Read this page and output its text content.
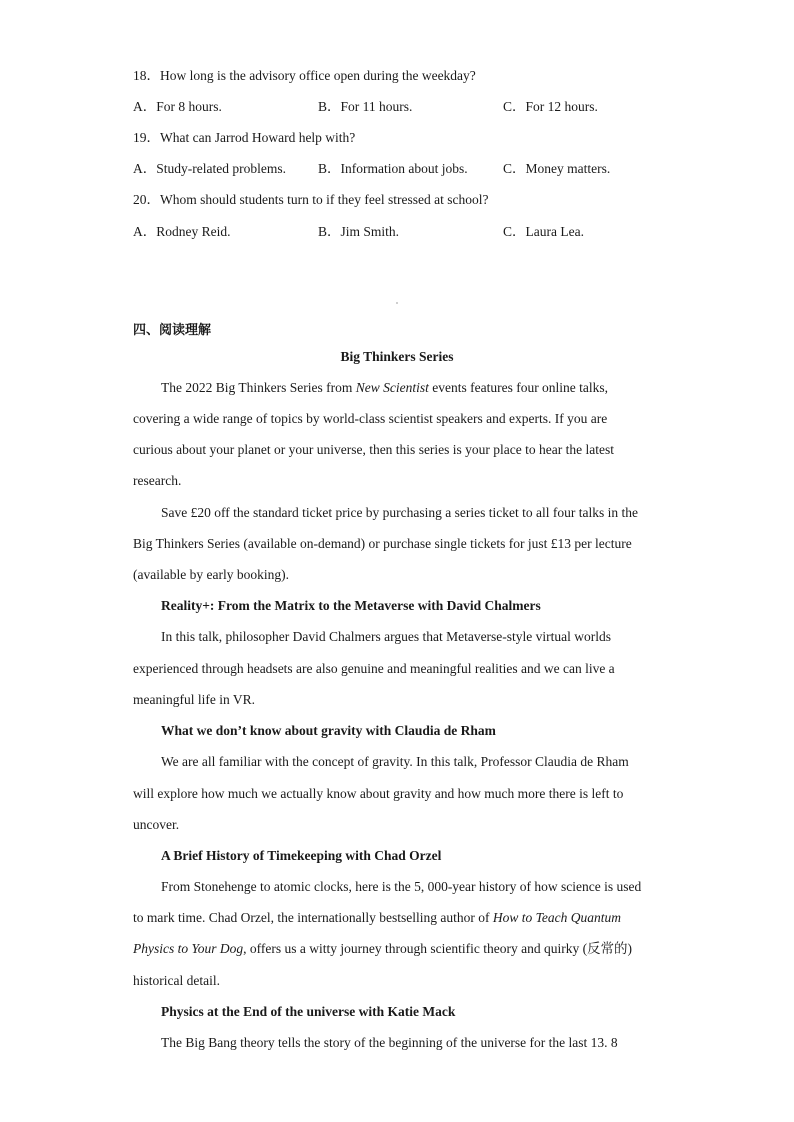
18．How long is the advisory office open during the weekday?
A．For 8 hours.	B．For 11 hours.	C．For 12 hours.
19．What can Jarrod Howard help with?
A．Study-related problems. B．Information about jobs.	C．Money matters.
20．Whom should students turn to if they feel stressed at school?
A．Rodney Reid.	B．Jim Smith.	C．Laura Lea.
四、阅读理解
Big Thinkers Series
The 2022 Big Thinkers Series from New Scientist events features four online talks,
covering a wide range of topics by world-class scientist speakers and experts. If you are
curious about your planet or your universe, then this series is your place to hear the latest
research.
Save £20 off the standard ticket price by purchasing a series ticket to all four talks in the
Big Thinkers Series (available on-demand) or purchase single tickets for just £13 per lecture
(available by early booking).
Reality+: From the Matrix to the Metaverse with David Chalmers
In this talk, philosopher David Chalmers argues that Metaverse-style virtual worlds
experienced through headsets are also genuine and meaningful realities and we can live a
meaningful life in VR.
What we don’t know about gravity with Claudia de Rham
We are all familiar with the concept of gravity. In this talk, Professor Claudia de Rham
will explore how much we actually know about gravity and how much more there is left to
uncover.
A Brief History of Timekeeping with Chad Orzel
From Stonehenge to atomic clocks, here is the 5, 000-year history of how science is used
to mark time. Chad Orzel, the internationally bestselling author of How to Teach Quantum
Physics to Your Dog, offers us a witty journey through scientific theory and quirky (反常的)
historical detail.
Physics at the End of the universe with Katie Mack
The Big Bang theory tells the story of the beginning of the universe for the last 13. 8
